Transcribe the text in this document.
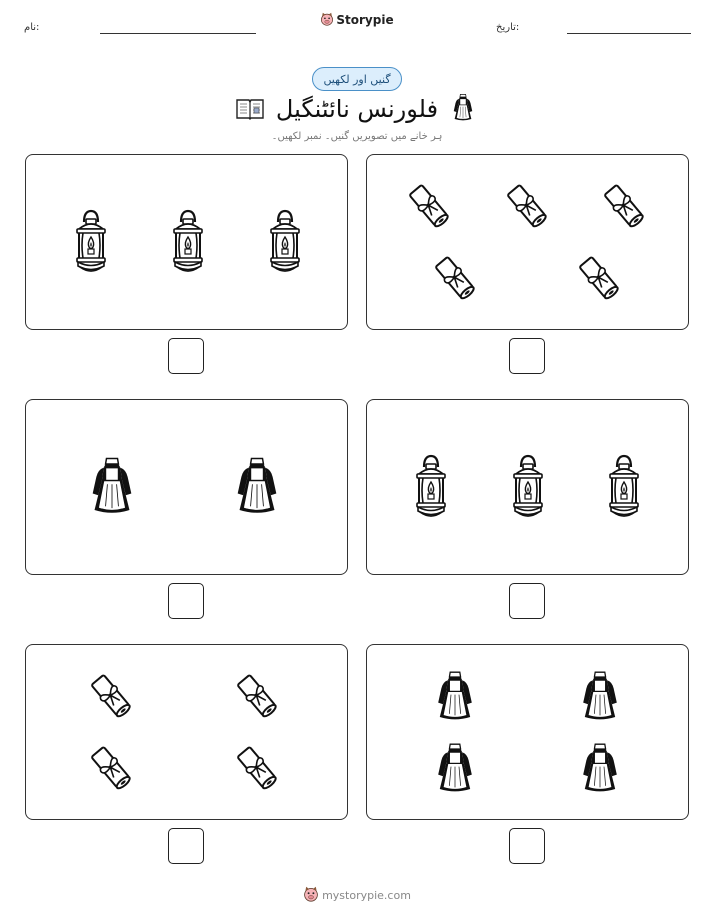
نام:
Storypie
تاریخ:
گنیں اور لکھیں
فلورنس نائٹنگیل
ہر خانے میں تصویریں گنیں۔ نمبر لکھیں۔
mystorypie.com
